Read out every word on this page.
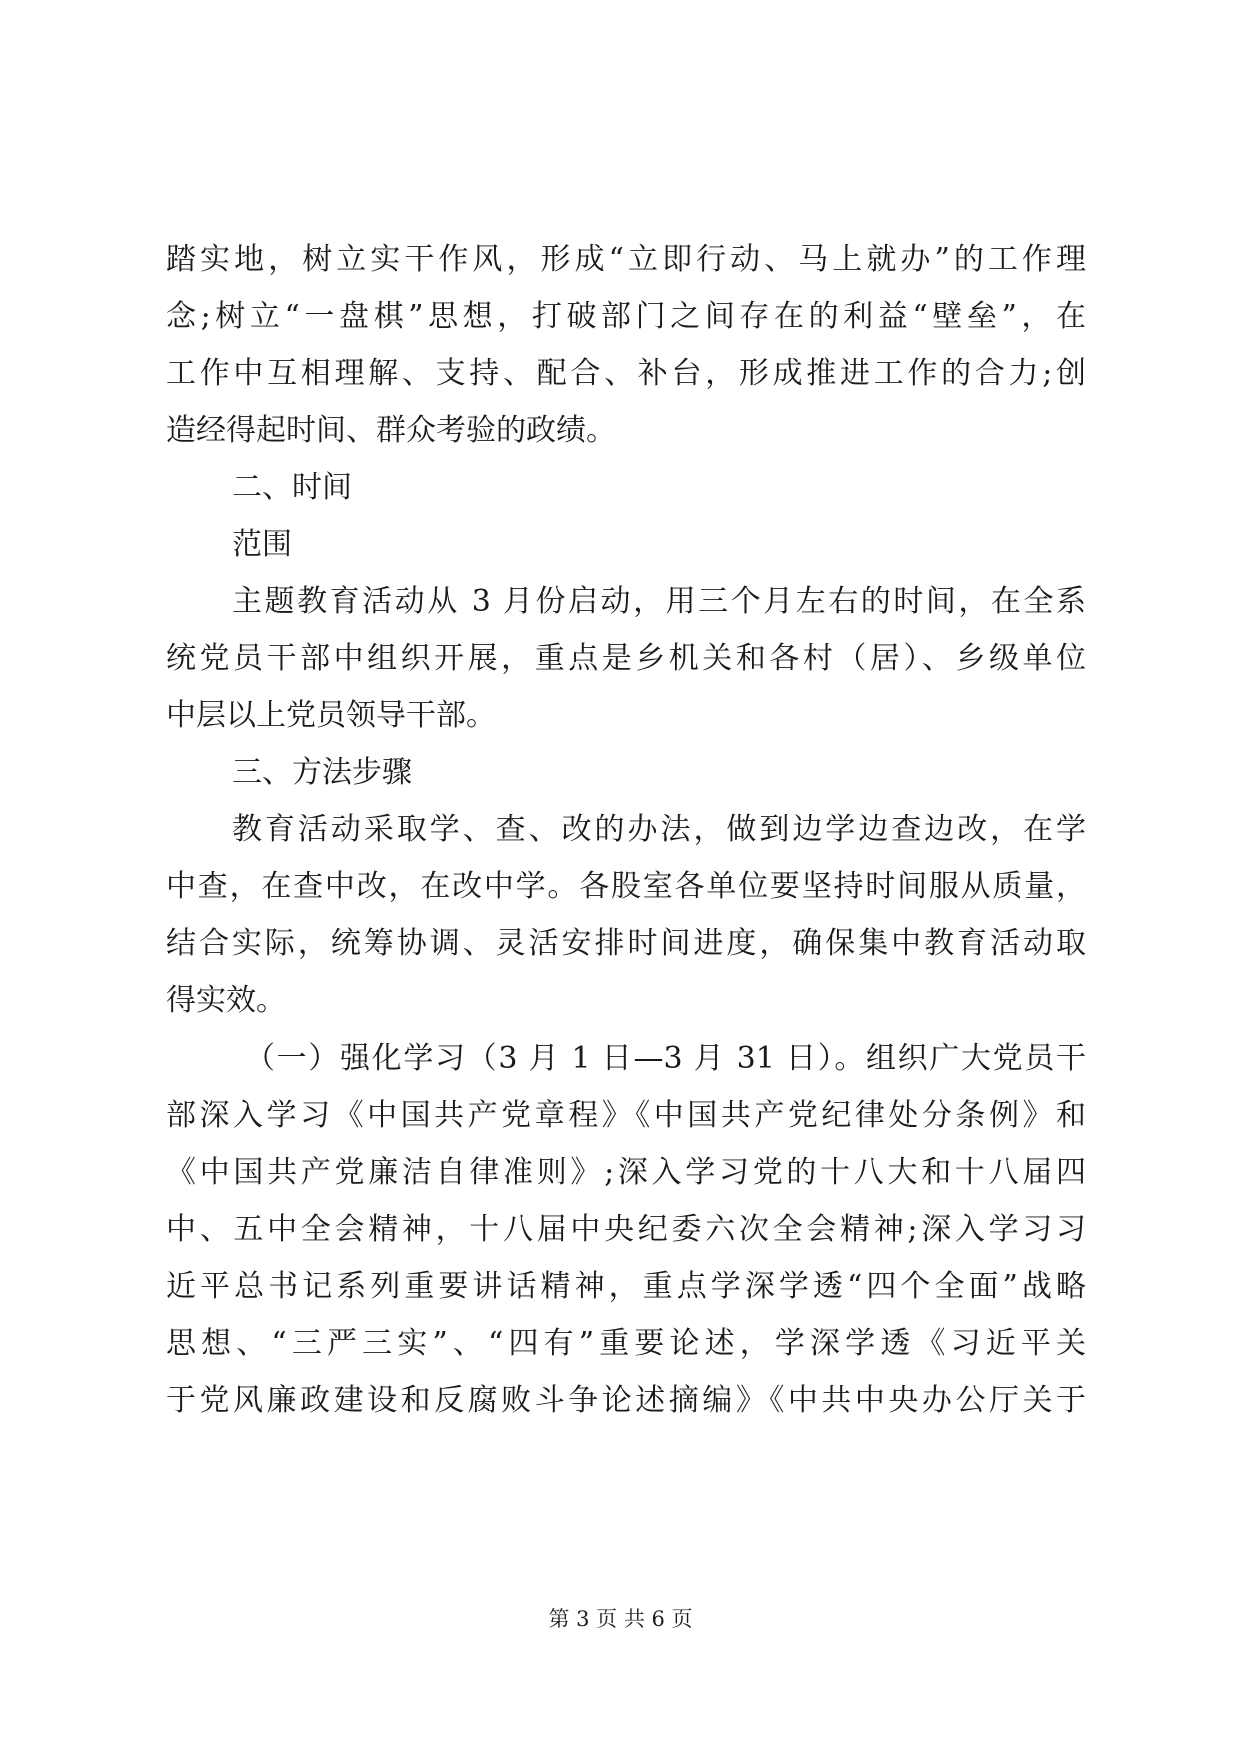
踏实地，树立实干作风，形成“立即行动、马上就办”的工作理
念;树立“一盘棋”思想，打破部门之间存在的利益“壁垒”，在
工作中互相理解、支持、配合、补台，形成推进工作的合力;创
造经得起时间、群众考验的政绩。
二、时间
范围
主题教育活动从 3 月份启动，用三个月左右的时间，在全系
统党员干部中组织开展，重点是乡机关和各村（居）、乡级单位
中层以上党员领导干部。
三、方法步骤
教育活动采取学、查、改的办法，做到边学边查边改，在学
中查，在查中改，在改中学。各股室各单位要坚持时间服从质量，
结合实际，统筹协调、灵活安排时间进度，确保集中教育活动取
得实效。
（一）强化学习（3 月 1 日—3 月 31 日）。组织广大党员干
部深入学习《中国共产党章程》《中国共产党纪律处分条例》和
《中国共产党廉洁自律准则》;深入学习党的十八大和十八届四
中、五中全会精神，十八届中央纪委六次全会精神;深入学习习
近平总书记系列重要讲话精神，重点学深学透“四个全面”战略
思想、“三严三实”、“四有”重要论述，学深学透《习近平关
于党风廉政建设和反腐败斗争论述摘编》《中共中央办公厅关于
第 3 页 共 6 页
